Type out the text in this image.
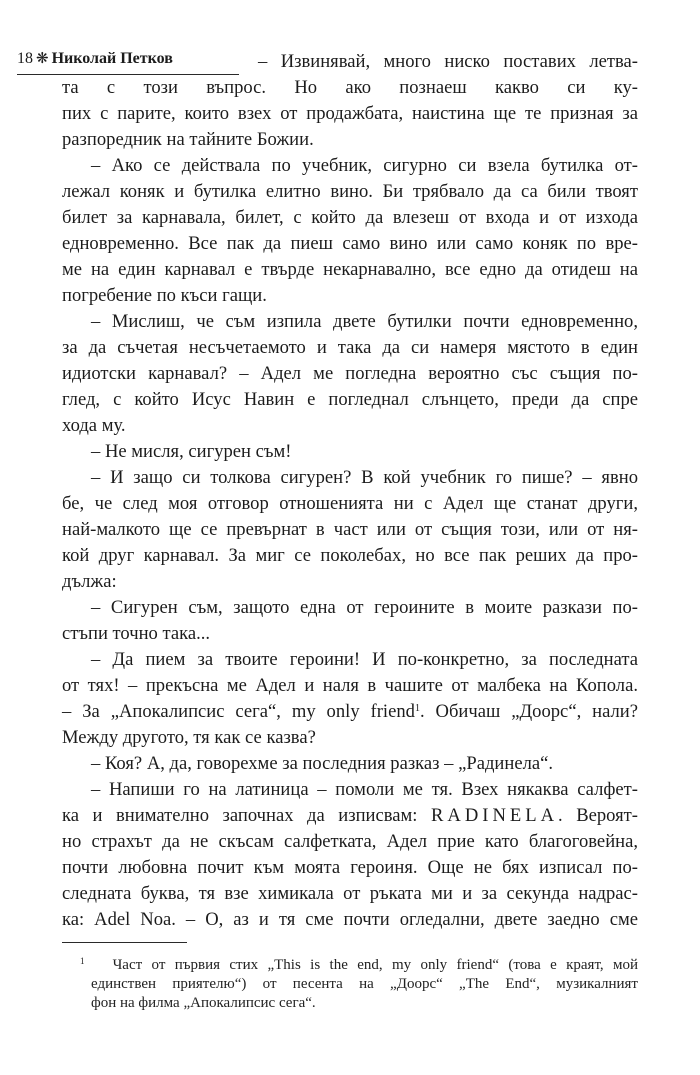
18 ❋ Николай Петков	– Извинявай, много ниско поставих летва-
та с този въпрос. Но ако познаеш какво си ку-
пих с парите, които взех от продажбата, наистина ще те призная за
разпоредник на тайните Божии.
– Ако се действала по учебник, сигурно си взела бутилка от-
лежал коняк и бутилка елитно вино. Би трябвало да са били твоят
билет за карнавала, билет, с който да влезеш от входа и от изхода
едновременно. Все пак да пиеш само вино или само коняк по вре-
ме на един карнавал е твърде некарнавално, все едно да отидеш на
погребение по къси гащи.
– Мислиш, че съм изпила двете бутилки почти едновременно,
за да съчетая несъчетаемото и така да си намеря мястото в един
идиотски карнавал? – Адел ме погледна вероятно със същия по-
глед, с който Исус Навин е погледнал слънцето, преди да спре
хода му.
– Не мисля, сигурен съм!
– И защо си толкова сигурен? В кой учебник го пише? – явно
бе, че след моя отговор отношенията ни с Адел ще станат други,
най-малкото ще се превърнат в част или от същия този, или от ня-
кой друг карнавал. За миг се поколебах, но все пак реших да про-
дължа:
– Сигурен съм, защото една от героините в моите разкази по-
стъпи точно така...
– Да пием за твоите героини! И по-конкретно, за последната
от тях! – прекъсна ме Адел и наля в чашите от малбека на Копола.
– За „Апокалипсис сега“, my only friend$^1$. Обичаш „Доорс“, нали?
Между другото, тя как се казва?
– Коя? А, да, говорехме за последния разказ – „Радинела“.
– Напиши го на латиница – помоли ме тя. Взех някаква салфет-
ка и внимателно започнах да изписвам: RADINELA. Вероят-
но страхът да не скъсам салфетката, Адел прие като благоговейна,
почти любовна почит към моята героиня. Още не бях изписал по-
следната буква, тя взе химикала от ръката ми и за секунда надрас-
ка: Adel Noa. – О, аз и тя сме почти огледални, двете заедно сме
$^1$ Част от първия стих „This is the end, my only friend“ (това е краят, мой
единствен приятелю“) от песента на „Доорс“ „The End“, музикалният
фон на филма „Апокалипсис сега“.
